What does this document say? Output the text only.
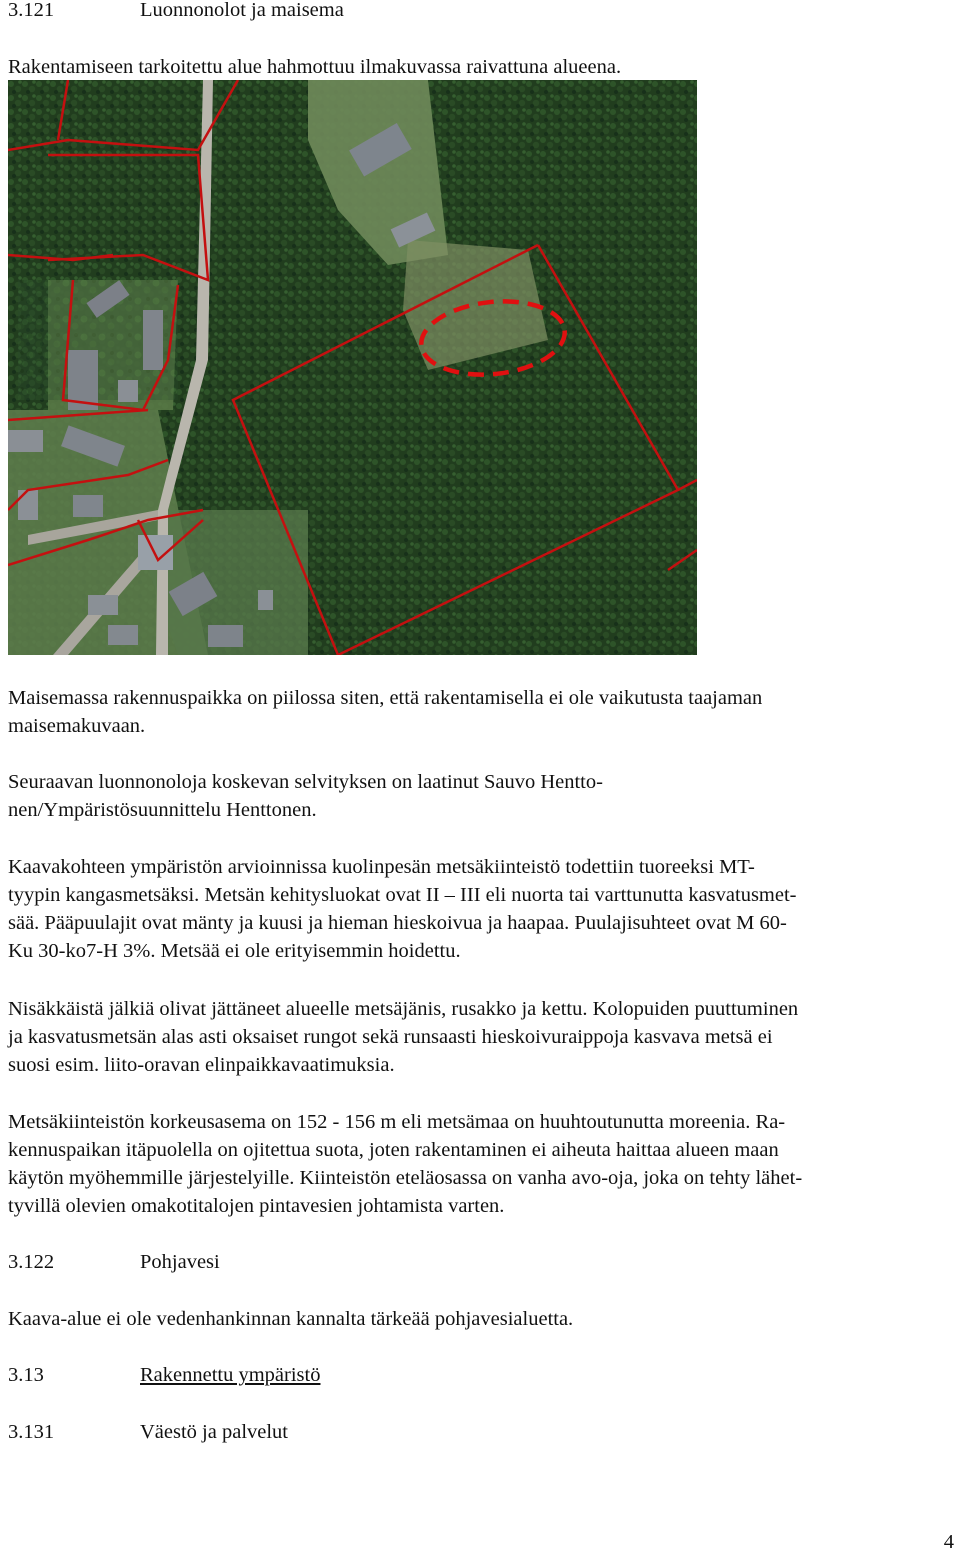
3.121	Luonnonolot ja maisema
Rakentamiseen tarkoitettu alue hahmottuu ilmakuvassa raivattuna alueena.
Maisemassa rakennuspaikka on piilossa siten, että rakentamisella ei ole vaikutusta taajaman
maisemakuvaan.
Seuraavan luonnonoloja koskevan selvityksen on laatinut Sauvo Hentto-
nen/Ympäristösuunnittelu Henttonen.
Kaavakohteen ympäristön arvioinnissa kuolinpesän metsäkiinteistö todettiin tuoreeksi MT-
tyypin kangasmetsäksi. Metsän kehitysluokat ovat II – III eli nuorta tai varttunutta kasvatusmet-
sää. Pääpuulajit ovat mänty ja kuusi ja hieman hieskoivua ja haapaa. Puulajisuhteet ovat M 60-
Ku 30-ko7-H 3%. Metsää ei ole erityisemmin hoidettu.
Nisäkkäistä jälkiä olivat jättäneet alueelle metsäjänis, rusakko ja kettu. Kolopuiden puuttuminen
ja kasvatusmetsän alas asti oksaiset rungot sekä runsaasti hieskoivuraippoja kasvava metsä ei
suosi esim. liito-oravan elinpaikkavaatimuksia.
Metsäkiinteistön korkeusasema on 152 - 156 m eli metsämaa on huuhtoutunutta moreenia. Ra-
kennuspaikan itäpuolella on ojitettua suota, joten rakentaminen ei aiheuta haittaa alueen maan
käytön myöhemmille järjestelyille. Kiinteistön eteläosassa on vanha avo-oja, joka on tehty lähet-
tyvillä olevien omakotitalojen pintavesien johtamista varten.
3.122	Pohjavesi
Kaava-alue ei ole vedenhankinnan kannalta tärkeää pohjavesialuetta.
3.13	Rakennettu ympäristö
3.131	Väestö ja palvelut
4
